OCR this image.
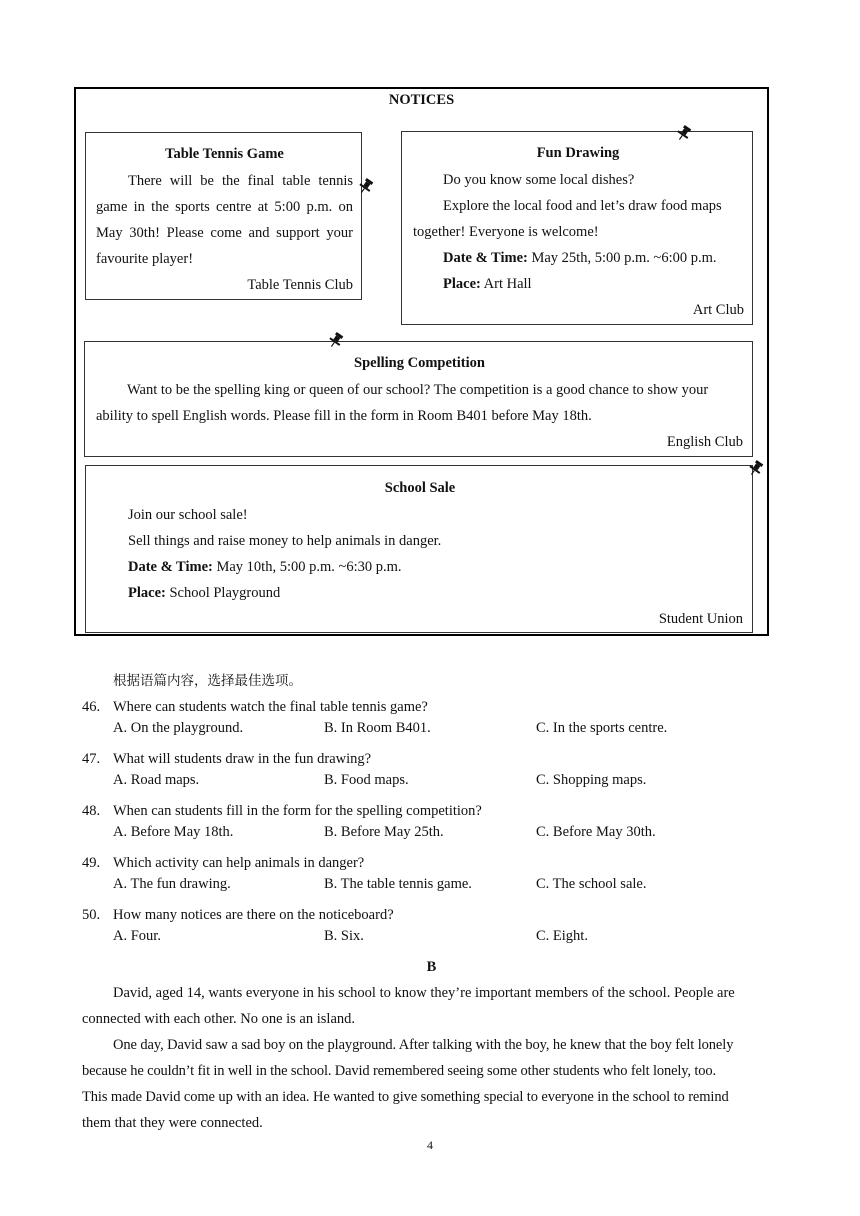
NOTICES
Table Tennis Game
There will be the final table tennis
game in the sports centre at 5:00 p.m. on
May 30th! Please come and support your
favourite player!
Table Tennis Club
Fun Drawing
Do you know some local dishes?
Explore the local food and let’s draw food maps
together! Everyone is welcome!
Date & Time: May 25th, 5:00 p.m. ~6:00 p.m.
Place: Art Hall
Art Club
Spelling Competition
Want to be the spelling king or queen of our school? The competition is a good chance to show your
ability to spell English words. Please fill in the form in Room B401 before May 18th.
English Club
School Sale
Join our school sale!
Sell things and raise money to help animals in danger.
Date & Time: May 10th, 5:00 p.m. ~6:30 p.m.
Place: School Playground
Student Union
根据语篇内容，选择最佳选项。
46. Where can students watch the final table tennis game?
A. On the playground.	B. In Room B401.	C. In the sports centre.
47. What will students draw in the fun drawing?
A. Road maps.	B. Food maps.	C. Shopping maps.
48. When can students fill in the form for the spelling competition?
A. Before May 18th.	B. Before May 25th.	C. Before May 30th.
49. Which activity can help animals in danger?
A. The fun drawing.	B. The table tennis game.	C. The school sale.
50. How many notices are there on the noticeboard?
A. Four.	B. Six.	C. Eight.
B
David, aged 14, wants everyone in his school to know they’re important members of the school. People are
connected with each other. No one is an island.
One day, David saw a sad boy on the playground. After talking with the boy, he knew that the boy felt lonely
because he couldn’t fit in well in the school. David remembered seeing some other students who felt lonely, too.
This made David come up with an idea. He wanted to give something special to everyone in the school to remind
them that they were connected.
4
